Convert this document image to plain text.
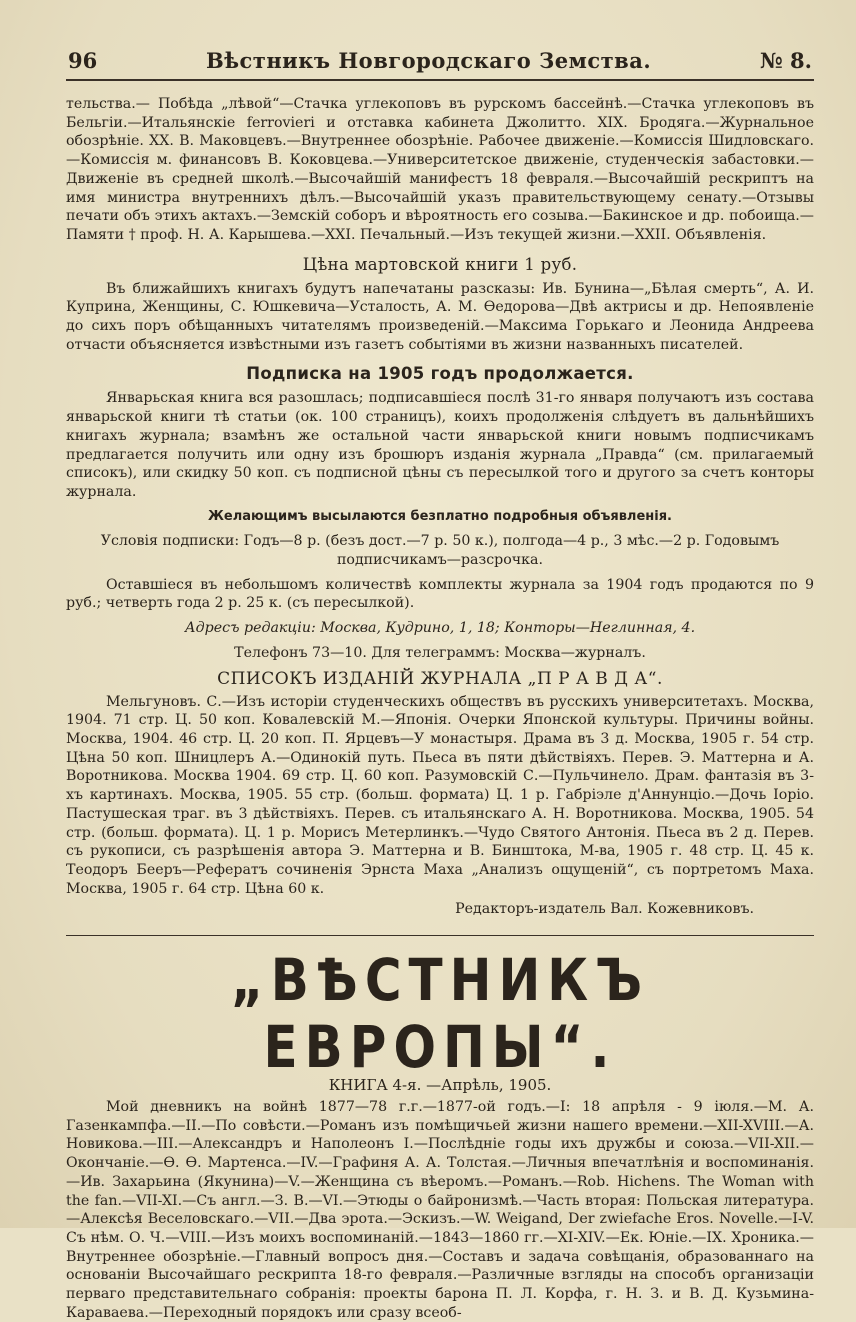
96	Вѣстникъ Новгородскаго Земства.	№ 8.

тельства.— Побѣда „лѣвой“—Стачка углекоповъ въ рурскомъ бассейнѣ.—Стачка углекоповъ въ Бельгіи.—Итальянскіе ferrovieri и отставка кабинета Джолитто. XIX. Бродяга.—Журнальное обозрѣніе. XX. В. Маковцевъ.—Внутреннее обозрѣніе. Рабочее движеніе.—Комиссія Шидловскаго.—Комиссія м. финансовъ В. Коковцева.—Университетское движеніе, студенческія забастовки.—Движеніе въ средней школѣ.—Высочайшій манифестъ 18 февраля.—Высочайшій рескриптъ на имя министра внутреннихъ дѣлъ.—Высочайшій указъ правительствующему сенату.—Отзывы печати объ этихъ актахъ.—Земскій соборъ и вѣроятность его созыва.—Бакинское и др. побоища.—Памяти † проф. Н. А. Карышева.—XXI. Печальный.—Изъ текущей жизни.—XXII. Объявленія.

Цѣна мартовской книги 1 руб.

Въ ближайшихъ книгахъ будутъ напечатаны разсказы: Ив. Бунина—„Бѣлая смерть“, А. И. Куприна, Женщины, С. Юшкевича—Усталость, А. М. Өедорова—Двѣ актрисы и др. Непоявленіе до сихъ поръ обѣщанныхъ читателямъ произведеній.—Максима Горькаго и Леонида Андреева отчасти объясняется извѣстными изъ газетъ событіями въ жизни названныхъ писателей.

Подписка на 1905 годъ продолжается.

Январьская книга вся разошлась; подписавшіеся послѣ 31-го января получаютъ изъ состава январьской книги тѣ статьи (ок. 100 страницъ), коихъ продолженія слѣдуетъ въ дальнѣйшихъ книгахъ журнала; взамѣнъ же остальной части январьской книги новымъ подписчикамъ предлагается получить или одну изъ брошюръ изданія журнала „Правда“ (см. прилагаемый списокъ), или скидку 50 коп. съ подписной цѣны съ пересылкой того и другого за счетъ конторы журнала.

Желающимъ высылаются безплатно подробныя объявленія.

Условія подписки: Годъ—8 р. (безъ дост.—7 р. 50 к.), полгода—4 р., 3 мѣс.—2 р. Годовымъ подписчикамъ—разсрочка.

Оставшіеся въ небольшомъ количествѣ комплекты журнала за 1904 годъ продаются по 9 руб.; четверть года 2 р. 25 к. (съ пересылкой).

Адресъ редакціи: Москва, Кудрино, 1, 18; Конторы—Неглинная, 4.

Телефонъ 73—10. Для телеграммъ: Москва—журналъ.

СПИСОКЪ ИЗДАНІЙ ЖУРНАЛА „П Р А В Д А“.

Мельгуновъ. С.—Изъ исторіи студенческихъ обществъ въ русскихъ университетахъ. Москва, 1904. 71 стр. Ц. 50 коп. Ковалевскій М.—Японія. Очерки Японской культуры. Причины войны. Москва, 1904. 46 стр. Ц. 20 коп. П. Ярцевъ—У монастыря. Драма въ 3 д. Москва, 1905 г. 54 стр. Цѣна 50 коп. Шницлеръ А.—Одинокій путь. Пьеса въ пяти дѣйствіяхъ. Перев. Э. Маттерна и А. Воротникова. Москва 1904. 69 стр. Ц. 60 коп. Разумовскій С.—Пульчинело. Драм. фантазія въ 3-хъ картинахъ. Москва, 1905. 55 стр. (больш. формата) Ц. 1 р. Габріэле д'Аннунціо.—Дочь Іоріо. Пастушеская траг. въ 3 дѣйствіяхъ. Перев. съ итальянскаго А. Н. Воротникова. Москва, 1905. 54 стр. (больш. формата). Ц. 1 р. Морисъ Метерлинкъ.—Чудо Святого Антонія. Пьеса въ 2 д. Перев. съ рукописи, съ разрѣшенія автора Э. Маттерна и В. Бинштока, М-ва, 1905 г. 48 стр. Ц. 45 к. Теодоръ Бееръ—Рефератъ сочиненія Эрнста Маха „Анализъ ощущеній“, съ портретомъ Маха. Москва, 1905 г. 64 стр. Цѣна 60 к.

Редакторъ-издатель Вал. Кожевниковъ.

„ВѢСТНИКЪ ЕВРОПЫ“.
КНИГА 4-я. —Апрѣль, 1905.

Мой дневникъ на войнѣ 1877—78 г.г.—1877-ой годъ.—I: 18 апрѣля - 9 іюля.—М. А. Газенкампфа.—II.—По совѣсти.—Романъ изъ помѣщичьей жизни нашего времени.—XII-XVIII.—А. Новикова.—III.—Александръ и Наполеонъ I.—Послѣдніе годы ихъ дружбы и союза.—VII-XII.—Окончаніе.—Ө. Ө. Мартенса.—IV.—Графиня А. А. Толстая.—Личныя впечатлѣнія и воспоминанія.—Ив. Захарьина (Якунина)—V.—Женщина съ вѣеромъ.—Романъ.—Rob. Hichens. The Woman with the fan.—VII-XI.—Съ англ.—З. В.—VI.—Этюды о байронизмѣ.—Часть вторая: Польская литература.—Алексѣя Веселовскаго.—VII.—Два эрота.—Эскизъ.—W. Weigand, Der zwiefache Eros. Novelle.—I-V. Съ нѣм. О. Ч.—VIII.—Изъ моихъ воспоминаній.—1843—1860 гг.—XI-XIV.—Ек. Юніе.—IX. Хроника.—Внутреннее обозрѣніе.—Главный вопросъ дня.—Составъ и задача совѣщанія, образованнаго на основаніи Высочайшаго рескрипта 18-го февраля.—Различные взгляды на способъ организаціи перваго представительнаго собранія: проекты барона П. Л. Корфа, г. Н. З. и В. Д. Кузьмина-Караваева.—Переходный порядокъ или сразу всеоб-
